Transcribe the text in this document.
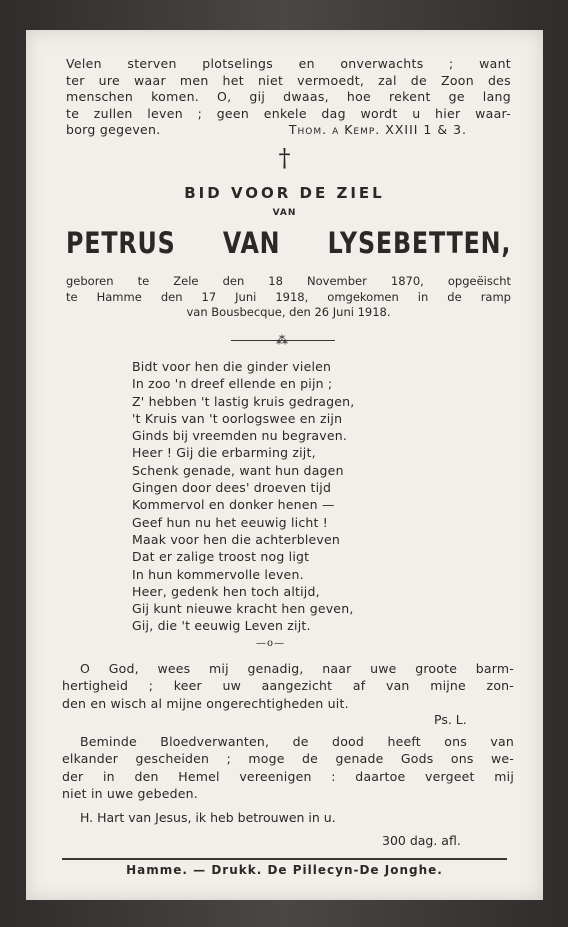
Velen sterven plotselings en onverwachts ; want
ter ure waar men het niet vermoedt, zal de Zoon des
menschen komen. O, gij dwaas, hoe rekent ge lang
te zullen leven ; geen enkele dag wordt u hier waar-
borg gegeven.	Thom. a Kemp. XXIII 1 & 3.
†
BID VOOR DE ZIEL
VAN
PETRUS VAN LYSEBETTEN,
geboren te Zele den 18 November 1870, opgeëischt
te Hamme den 17 Juni 1918, omgekomen in de ramp
van Bousbecque, den 26 Juni 1918.
⁂
Bidt voor hen die ginder vielen
In zoo 'n dreef ellende en pijn ;
Z' hebben 't lastig kruis gedragen,
't Kruis van 't oorlogswee en zijn
Ginds bij vreemden nu begraven.
Heer ! Gij die erbarming zijt,
Schenk genade, want hun dagen
Gingen door dees' droeven tijd
Kommervol en donker henen —
Geef hun nu het eeuwig licht !
Maak voor hen die achterbleven
Dat er zalige troost nog ligt
In hun kommervolle leven.
Heer, gedenk hen toch altijd,
Gij kunt nieuwe kracht hen geven,
Gij, die 't eeuwig Leven zijt.
—o—
O God, wees mij genadig, naar uwe groote barm-
hertigheid ; keer uw aangezicht af van mijne zon-
den en wisch al mijne ongerechtigheden uit.
Ps. L.
Beminde Bloedverwanten, de dood heeft ons van
elkander gescheiden ; moge de genade Gods ons we-
der in den Hemel vereenigen : daartoe vergeet mij
niet in uwe gebeden.
H. Hart van Jesus, ik heb betrouwen in u.
300 dag. afl.
Hamme. — Drukk. De Pillecyn-De Jonghe.
